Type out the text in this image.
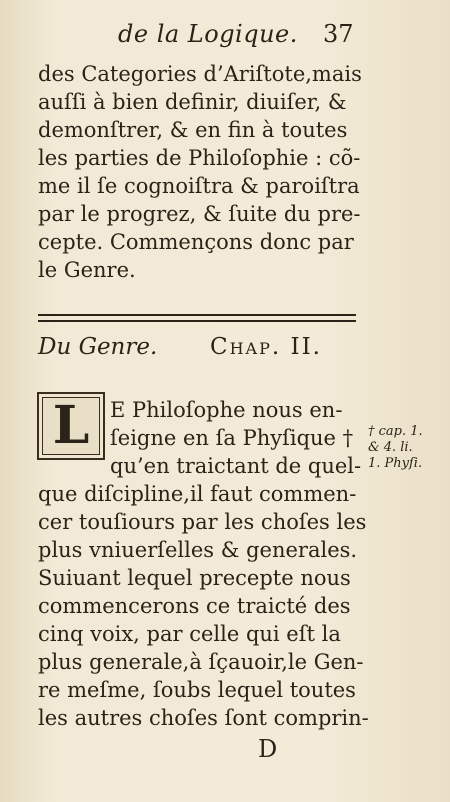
de la Logique. 37
des Categories d’Ariſtote,mais
auſſi à bien definir, diuiſer, &
demonſtrer, & en fin à toutes
les parties de Philoſophie : cõ-
me il ſe cognoiſtra & paroiſtra
par le progrez, & ſuite du pre-
cepte. Commençons donc par
le Genre.
Du Genre. Chap. II.
L E Philoſophe nous en-
ſeigne en ſa Phyſique †
qu’en traictant de quel-
que diſcipline,il faut commen-
cer touſiours par les choſes les
plus vniuerſelles & generales.
Suiuant lequel precepte nous
commencerons ce traicté des
cinq voix, par celle qui eſt la
plus generale,à ſçauoir,le Gen-
re meſme, ſoubs lequel toutes
les autres choſes ſont comprin-
† cap. 1.
& 4. li.
1. Phyſi.
D
